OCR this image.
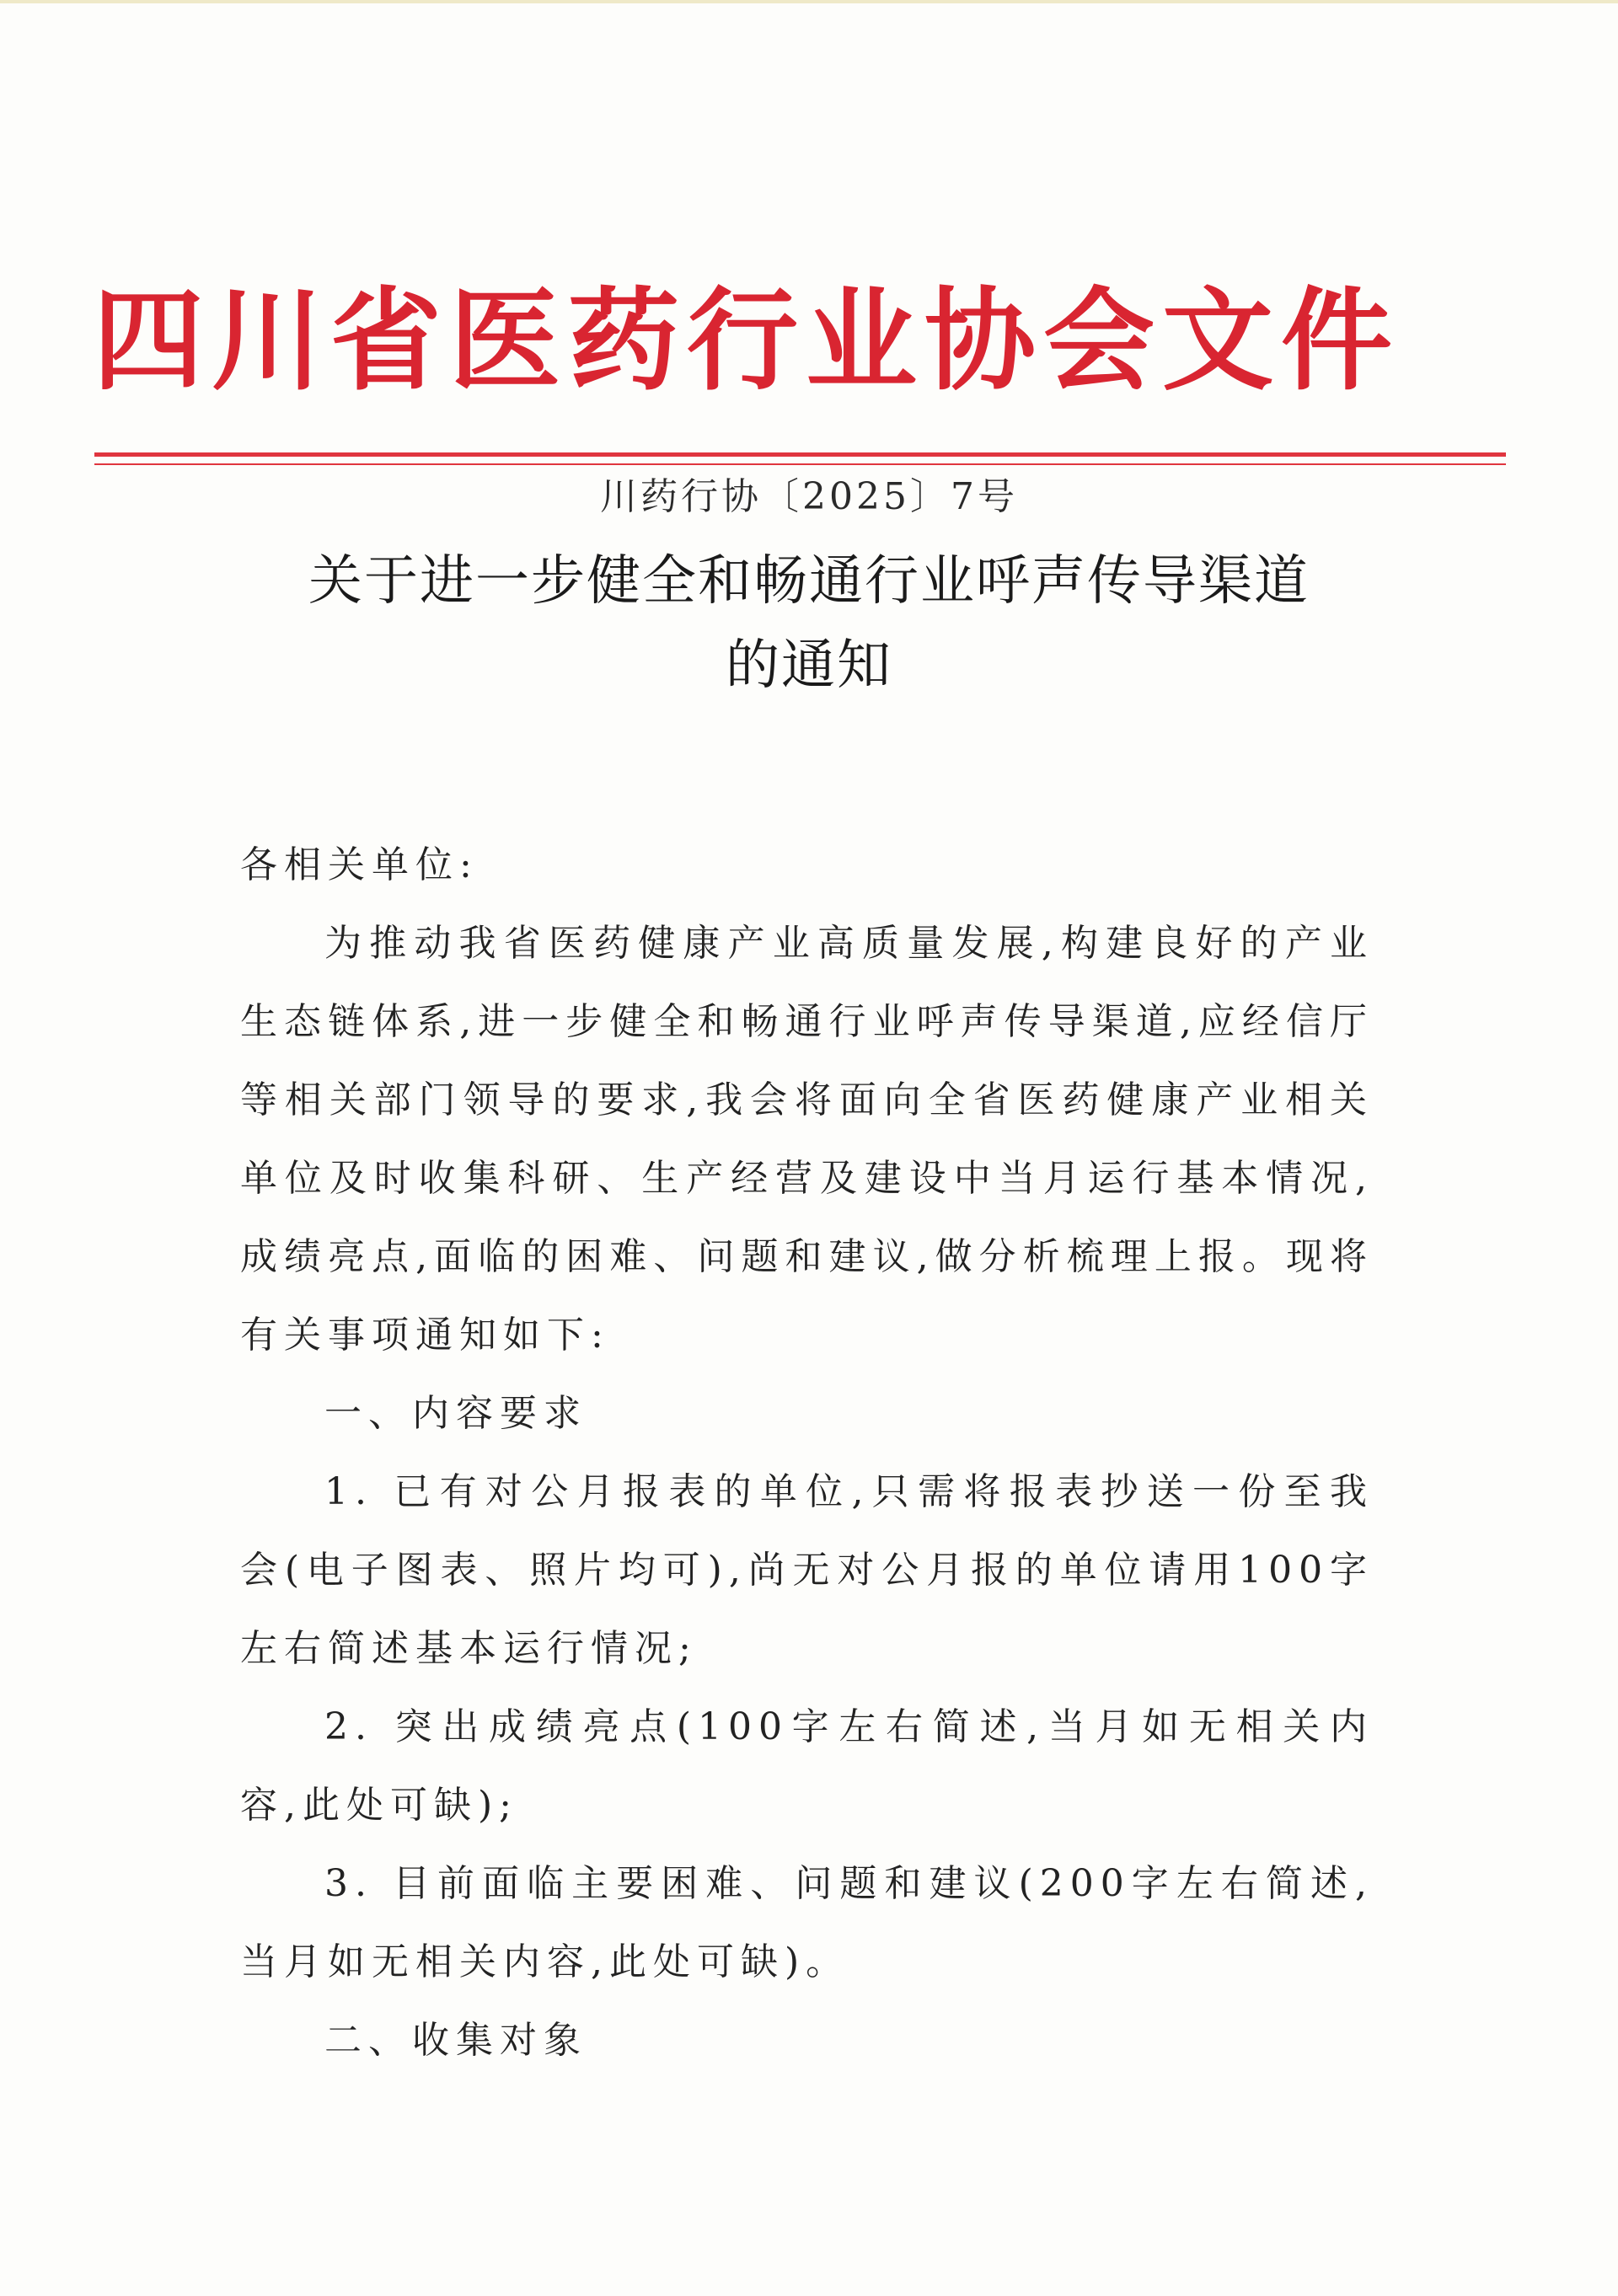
四川省医药行业协会文件
川药行协〔2025〕7号
关于进一步健全和畅通行业呼声传导渠道
的通知

各相关单位:

为推动我省医药健康产业高质量发展,构建良好的产业生态链体系,进一步健全和畅通行业呼声传导渠道,应经信厅等相关部门领导的要求,我会将面向全省医药健康产业相关单位及时收集科研、生产经营及建设中当月运行基本情况,成绩亮点,面临的困难、问题和建议,做分析梳理上报。现将有关事项通知如下:

一、内容要求

1. 已有对公月报表的单位,只需将报表抄送一份至我会(电子图表、照片均可),尚无对公月报的单位请用100字左右简述基本运行情况;

2. 突出成绩亮点(100字左右简述,当月如无相关内容,此处可缺);

3. 目前面临主要困难、问题和建议(200字左右简述,当月如无相关内容,此处可缺)。

二、收集对象
